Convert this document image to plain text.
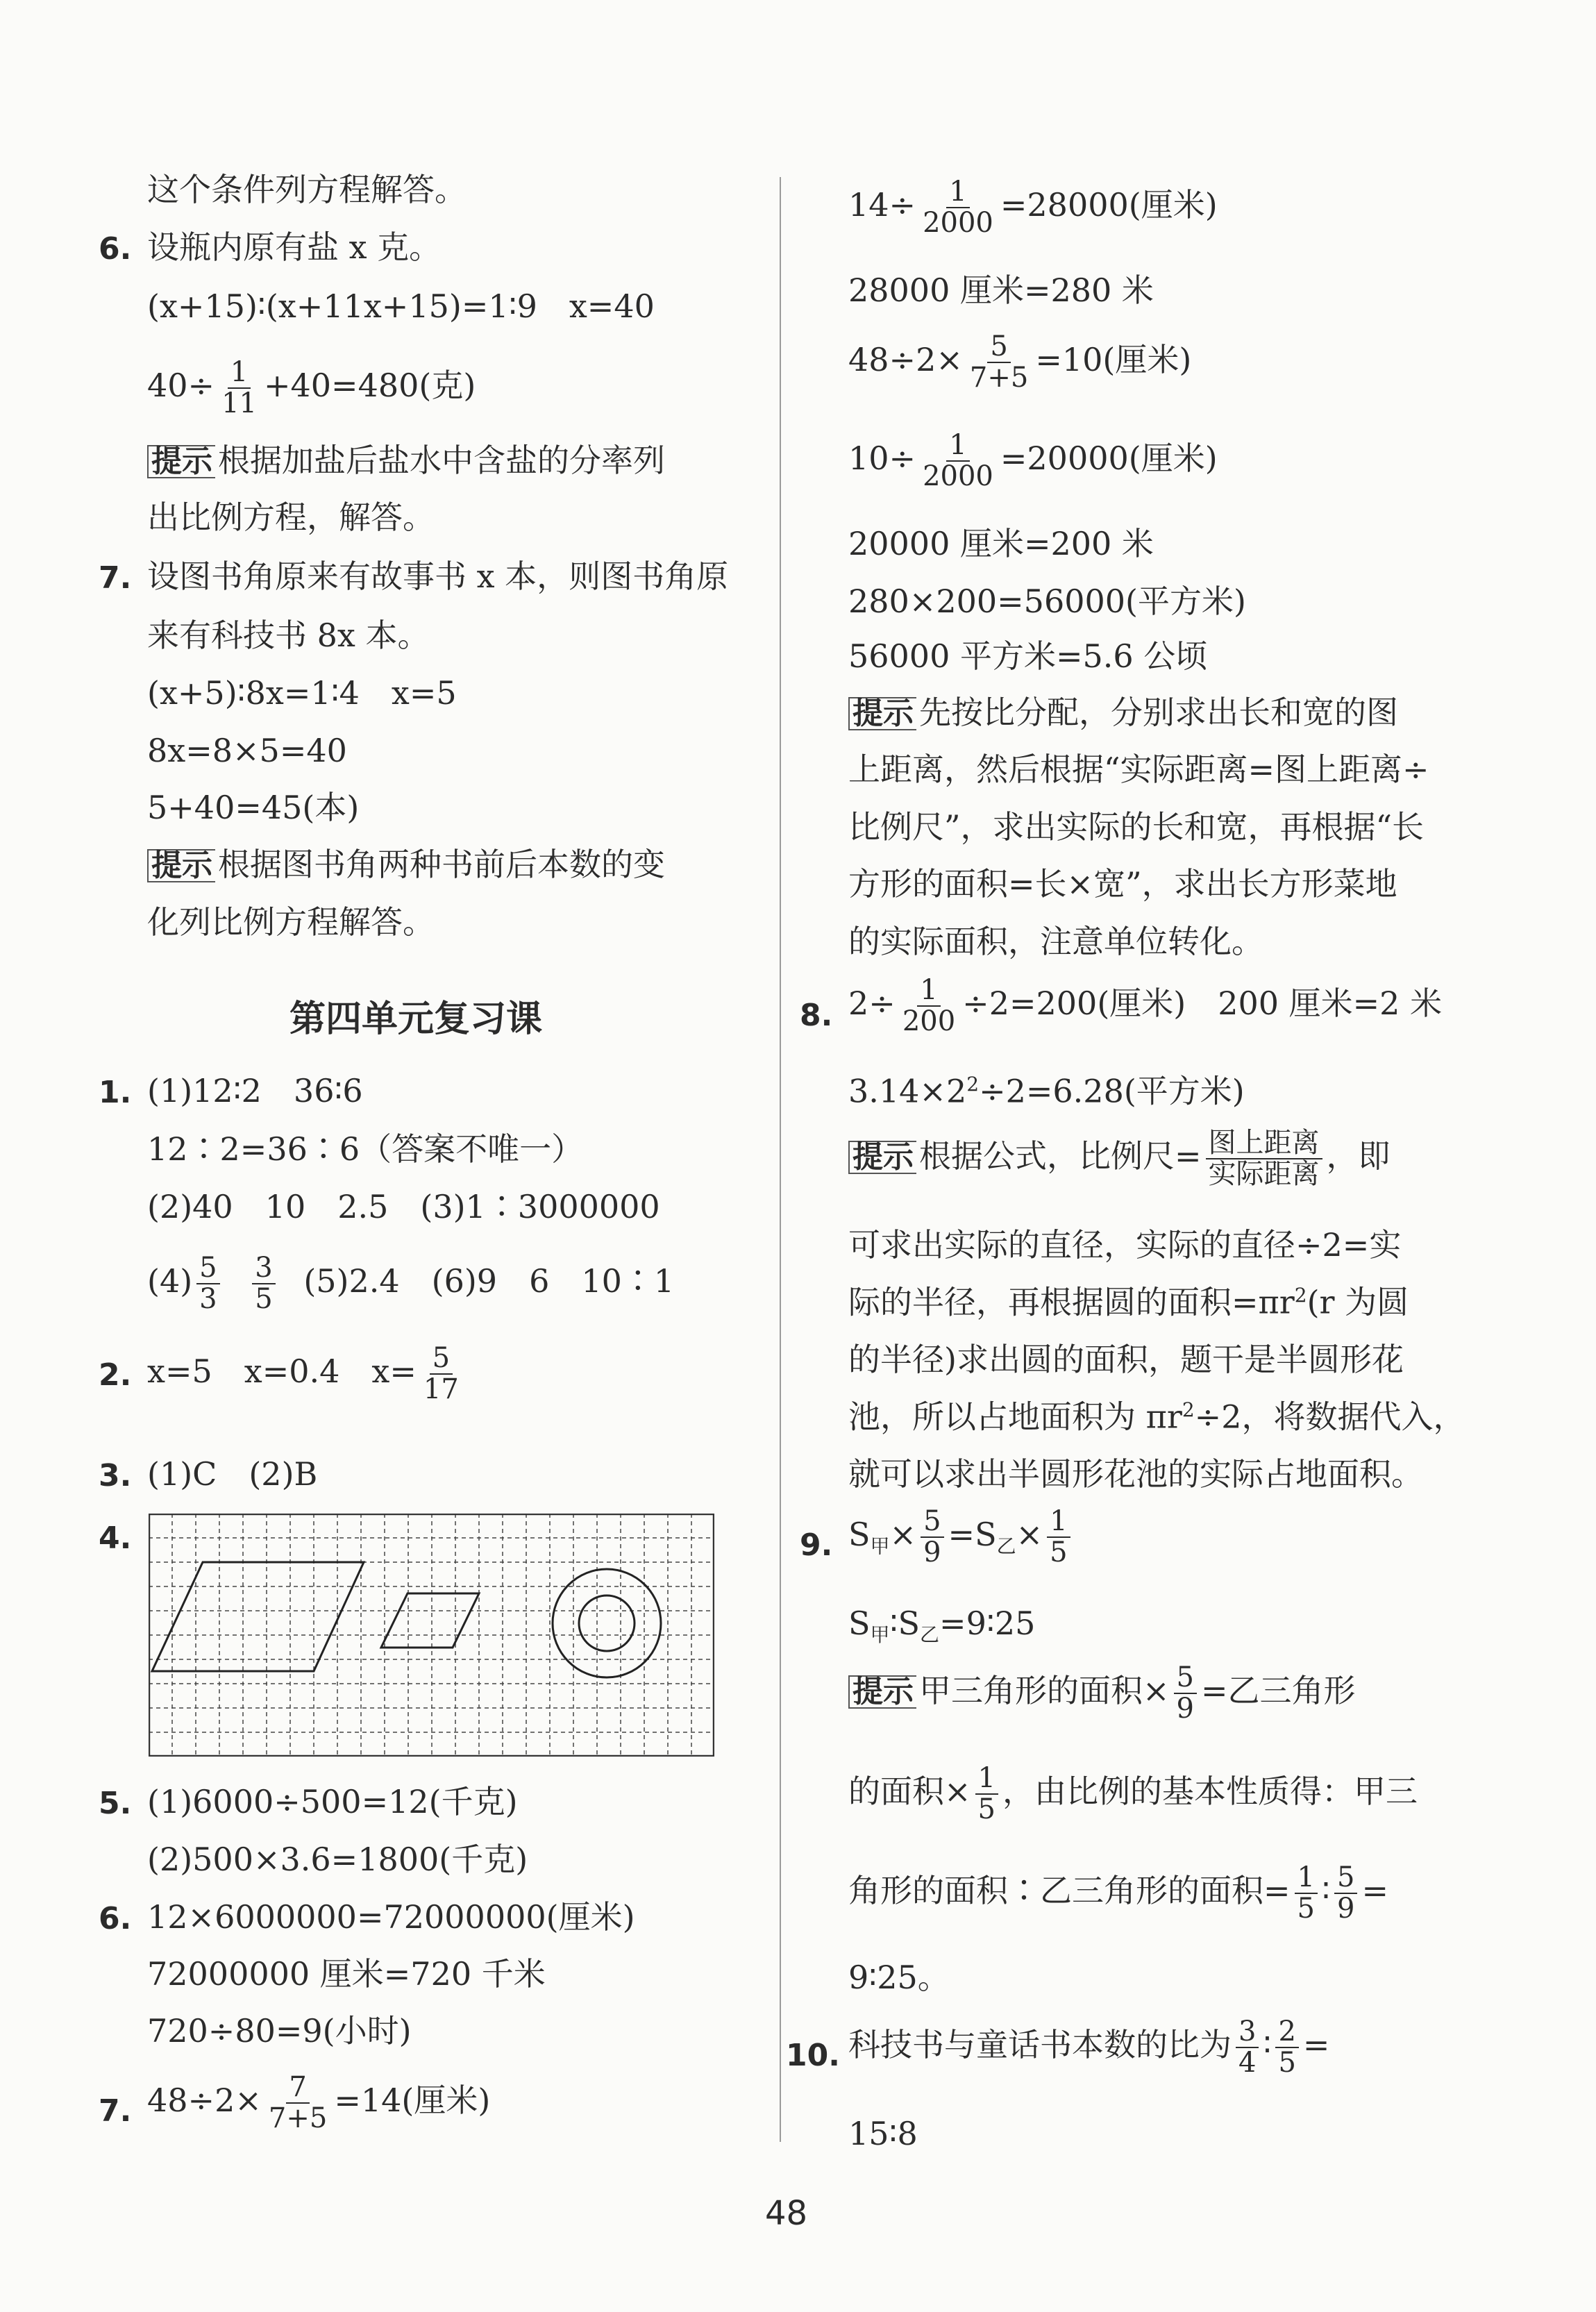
这个条件列方程解答。
6. 设瓶内原有盐 x 克。
(x+15)∶(x+11x+15)=1∶9　x=40
$40\div \frac{1}{11} +40=480$(克)
提示 根据加盐后盐水中含盐的分率列
出比例方程，解答。
7. 设图书角原来有故事书 x 本，则图书角原
来有科技书 8x 本。
(x+5)∶8x=1∶4　x=5
8x=8×5=40
5+40=45(本)
提示 根据图书角两种书前后本数的变
化列比例方程解答。
第四单元复习课
1. (1)12∶2　36∶6
12∶2=36∶6（答案不唯一）
(2)40　10　2.5　(3)1∶3000000
$(4) \frac{5}{3}$
$\frac{3}{5} (5)2.4$　(6)9　6　10∶1
2. x=5　x=0.4　$x= \frac{5}{17}$
3. (1)C　(2)B
4.
5. (1)6000÷500=12(千克)
(2)500×3.6=1800(千克)
6. 12×6000000=72000000(厘米)
72000000 厘米=720 千米
720÷80=9(小时)
7. $48\div 2\times \frac{7}{7+5} =14$(厘米)
$14\div \frac{1}{2000} =28000$(厘米)
28000 厘米=280 米
$48\div 2\times \frac{5}{7+5} =10$(厘米)
$10\div \frac{1}{2000} =20000$(厘米)
20000 厘米=200 米
280×200=56000(平方米)
56000 平方米=5.6 公顷
提示 先按比分配，分别求出长和宽的图
上距离，然后根据“实际距离=图上距离÷
比例尺”，求出实际的长和宽，再根据“长
方形的面积=长×宽”，求出长方形菜地
的实际面积，注意单位转化。
8. $2\div \frac{1}{200} \div 2=200$(厘米)　200 厘米=2 米
$3.14\times 2^2\div 2=6.28$(平方米)
提示 根据公式，比例尺= $\frac{\text{图上距离}}{\text{实际距离}}$ ，即
可求出实际的直径，实际的直径÷2=实
际的半径，再根据圆的面积$=\pi r^2(r$ 为圆
的半径)求出圆的面积，题干是半圆形花
池，所以占地面积为 $\pi r^2\div 2$，将数据代入，
就可以求出半圆形花池的实际占地面积。
9. $S_甲\times \frac{5}{9} =S_乙\times \frac{1}{5}$
$S_甲∶S_乙=9∶25$
提示 甲三角形的面积× $\frac{5}{9}$ =乙三角形
的面积× $\frac{1}{5}$ ，由比例的基本性质得：甲三
角形的面积∶乙三角形的面积= $\frac{1}{5}$ ∶ $\frac{5}{9}$ =
9∶25。
10. 科技书与童话书本数的比为 $\frac{3}{4}$ ∶ $\frac{2}{5}$ =
15∶8
48
